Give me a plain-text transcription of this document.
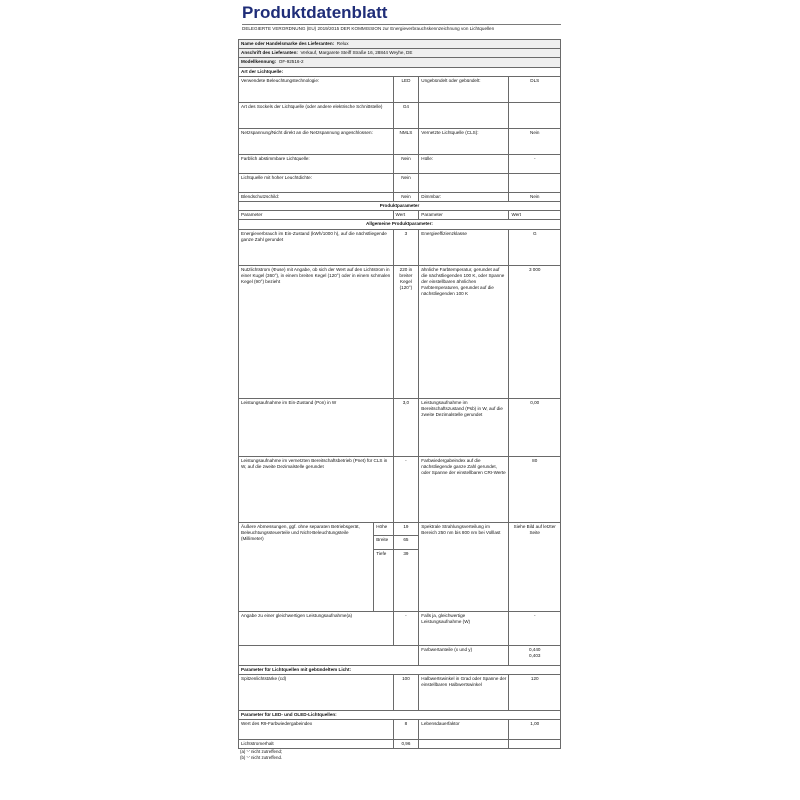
Produktdatenblatt
DELEGIERTE VERORDNUNG (EU) 2019/2015 DER KOMMISSION zur Energieverbrauchskennzeichnung von Lichtquellen
Name oder Handelsmarke des Lieferanten: Relux				
Anschrift des Lieferanten: Verkauf, Margarete Steiff Straße 16, 28844 Weyhe, DE				
Modellkennung: OF-92516-2				
Art der Lichtquelle:				
Verwendete Beleuchtungstechnologie:		LED	Ungebündelt oder gebündelt:	DLS
Art des Sockels der Lichtquelle (oder andere elektrische Schnittstelle)		G4		
Netzspannung/Nicht direkt an die Netzspannung angeschlossen:		NMLS	Vernetzte Lichtquelle (CLS):	Nein
Farblich abstimmbare Lichtquelle:		Nein	Hülle:	-
Lichtquelle mit hoher Leuchtdichte:		Nein		
Blendschutzschild:		Nein	Dimmbar:	Nein
Produktparameter				
Parameter		Wert	Parameter	Wert
Allgemeine Produktparameter:				
Energieverbrauch im Ein-Zustand (kWh/1000 h), auf die nächstliegende ganze Zahl gerundet		3	Energieeffizienzklasse	G
Nutzlichtstrom (Φuse) mit Angabe, ob sich der Wert auf den Lichtstrom in einer Kugel (360°), in einem breiten Kegel (120°) oder in einem schmalen Kegel (90°) bezieht		220 in breiter Kegel (120°)	ähnliche Farbtemperatur, gerundet auf die nächstliegenden 100 K, oder Spanne der einstellbaren ähnlichen Farbtemperaturen, gerundet auf die nächstliegenden 100 K	3 000
Leistungsaufnahme im Ein-Zustand (Pon) in W		3,0	Leistungsaufnahme im Bereitschaftszustand (Psb) in W, auf die zweite Dezimalstelle gerundet	0,00
Leistungsaufnahme im vernetzten Bereitschaftsbetrieb (Pnet) für CLS in W, auf die zweite Dezimalstelle gerundet		-	Farbwiedergabeindex auf die nächstliegende ganze Zahl gerundet, oder Spanne der einstellbaren CRI-Werte	80
Äußere Abmessungen, ggf. ohne separaten Betriebsgerät, Beleuchtungssteuerteile und Nicht-Beleuchtungsteile (Millimeter)	Höhe	19	Spektrale Strahlungsverteilung im Bereich 250 nm bis 800 nm bei Volllast	Siehe Bild auf letzter Seite
	Breite	65		
	Tiefe	39		
Angabe zu einer gleichwertigen Leistungsaufnahme(a)		-	Falls ja, gleichwertige Leistungsaufnahme (W)	-
			Farbwertanteile (x und y)	0,440
0,403
Parameter für Lichtquellen mit gebündeltem Licht:				
Spitzenlichtstärke (cd)		100	Halbwertswinkel in Grad oder Spanne der einstellbaren Halbwertswinkel	120
Parameter für LED- und OLED-Lichtquellen:				
Wert des R9-Farbwiedergabeindex		8	Lebensdauerfaktor	1,00
Lichtstromerhalt		0,96		
(a) '-' nicht zutreffend;
(b) '-' nicht zutreffend.
